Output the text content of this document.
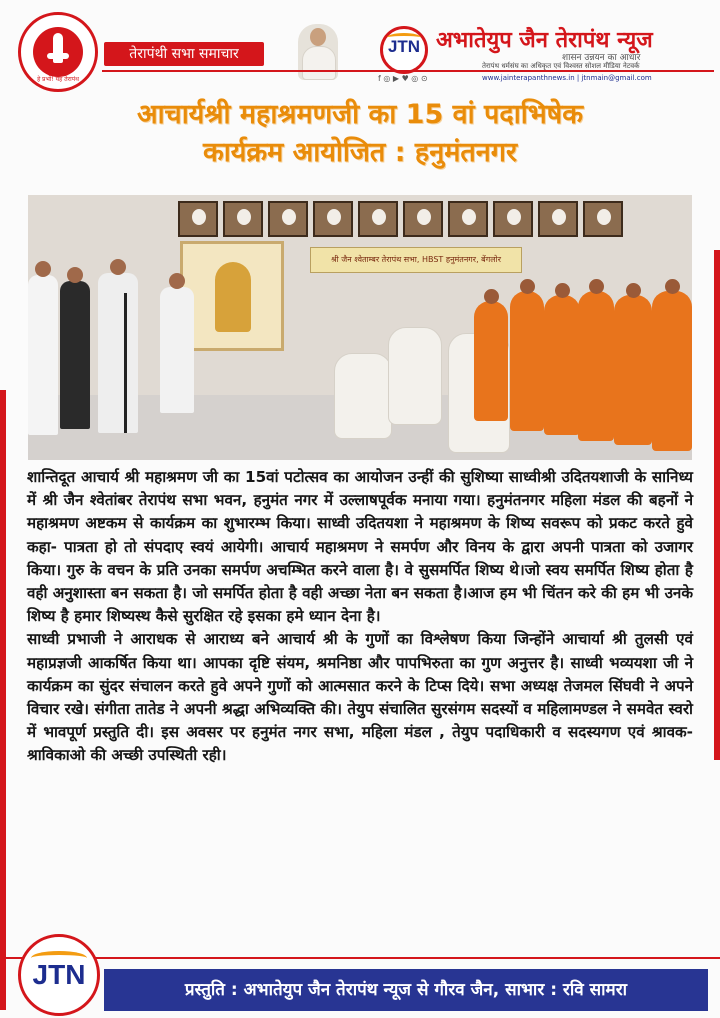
हे प्रभो! यह तेरापंथ
तेरापंथी सभा समाचार	JTN
f ◎ ▶ ♥ ◎ ⊙
अभातेयुप जैन तेरापंथ न्यूज
शासन उन्नयन का आधार
तेरापंथ धर्मसंघ का अधिकृत एवं विश्वस्त सोशल मीडिया नेटवर्क
www.jainterapanthnews.in | jtnmain@gmail.com
आचार्यश्री महाश्रमणजी का 15 वां पदाभिषेक
कार्यक्रम आयोजित : हनुमंतनगर
श्री जैन श्वेताम्बर तेरापंथ सभा, HBST हनुमंतनगर, बेंगलोर

शान्तिदूत आचार्य श्री महाश्रमण जी का 15वां पटोत्सव का आयोजन उन्हीं की सुशिष्या साध्वीश्री उदितयशाजी के सानिध्य में श्री जैन श्वेतांबर तेरापंथ सभा भवन, हनुमंत नगर में उल्लाषपूर्वक मनाया गया। हनुमंतनगर महिला मंडल की बहनों ने महाश्रमण अष्टकम से कार्यक्रम का शुभारम्भ किया। साध्वी उदितयशा ने महाश्रमण के शिष्य सवरूप को प्रकट करते हुवे कहा- पात्रता हो तो संपदाए स्वयं आयेगी। आचार्य महाश्रमण ने समर्पण और विनय के द्वारा अपनी पात्रता को उजागर किया। गुरु के वचन के प्रति उनका समर्पण अचम्भित करने वाला है। वे सुसमर्पित शिष्य थे।जो स्वय समर्पित शिष्य होता है वही अनुशास्ता बन सकता है। जो समर्पित होता है वही अच्छा नेता बन सकता है।आज हम भी चिंतन करे की हम भी उनके शिष्य है हमार शिष्यस्थ कैसे सुरक्षित रहे इसका हमे ध्यान देना है।

साध्वी प्रभाजी ने आराधक से आराध्य बने आचार्य श्री के गुणों का विश्लेषण किया जिन्होंने आचार्या श्री तुलसी एवं महाप्रज्ञजी आकर्षित किया था। आपका दृष्टि संयम, श्रमनिष्ठा और पापभिरुता का गुण अनुत्तर है। साध्वी भव्ययशा जी ने कार्यक्रम का सुंदर संचालन करते हुवे अपने गुणों को आत्मसात करने के टिप्स दिये। सभा अध्यक्ष तेजमल सिंघवी ने अपने विचार रखे। संगीता तातेड ने अपनी श्रद्धा अभिव्यक्ति की। तेयुप संचालित सुरसंगम सदस्यों व महिलामण्डल ने समवेत स्वरो में भावपूर्ण प्रस्तुति दी। इस अवसर पर हनुमंत नगर सभा, महिला मंडल , तेयुप पदाधिकारी व सदस्यगण एवं श्रावक- श्राविकाओ की अच्छी उपस्थिती रही।

JTN	प्रस्तुति : अभातेयुप जैन तेरापंथ न्यूज से गौरव जैन, साभार : रवि सामरा
